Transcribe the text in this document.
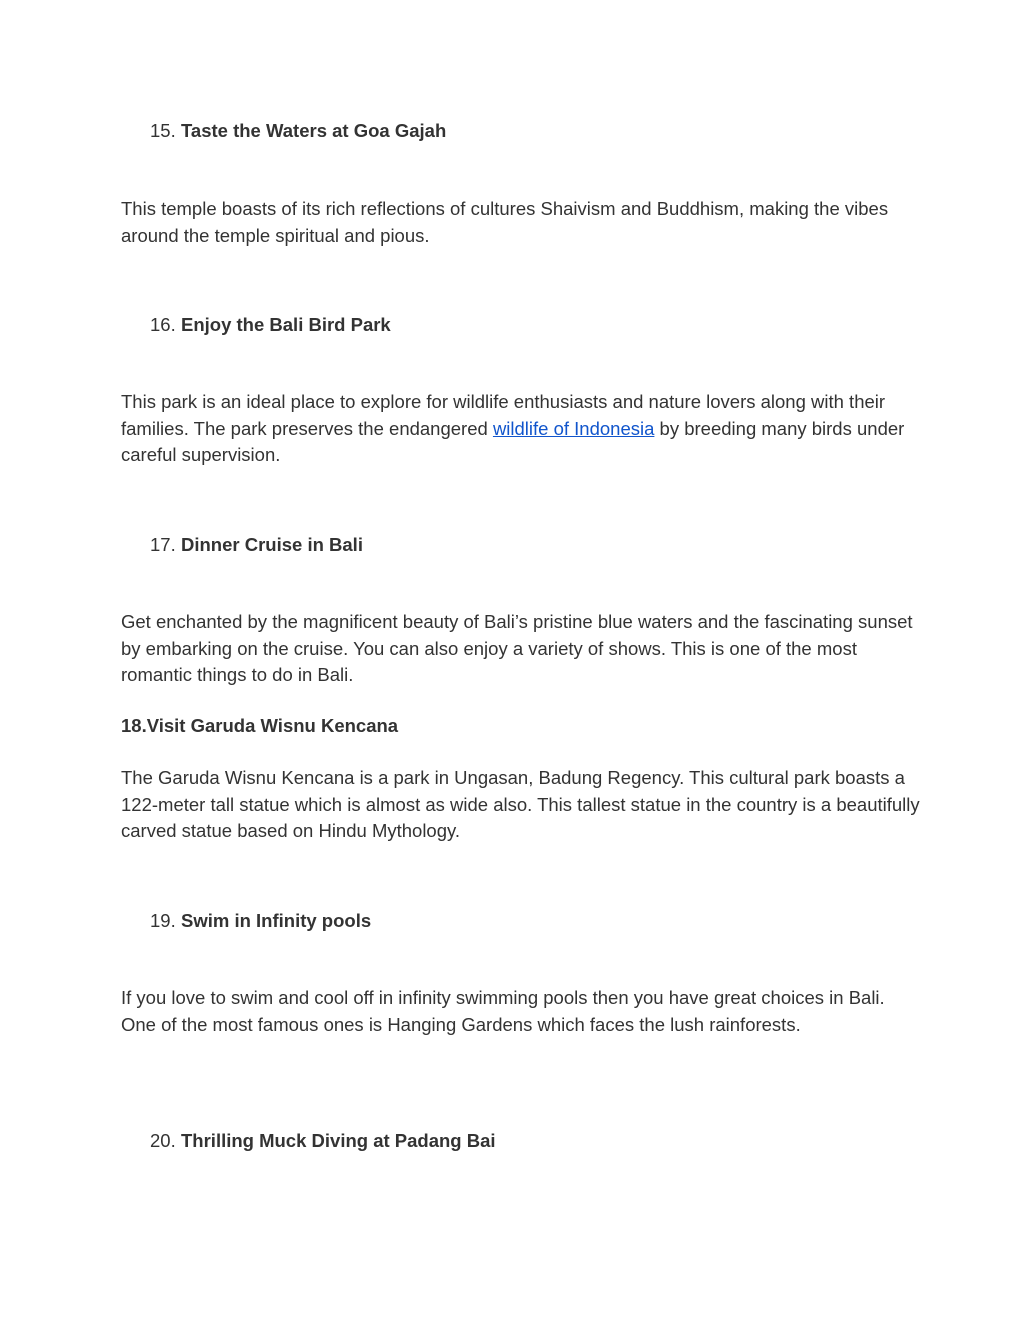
15. Taste the Waters at Goa Gajah

This temple boasts of its rich reflections of cultures Shaivism and Buddhism, making the vibes around the temple spiritual and pious.

16. Enjoy the Bali Bird Park

This park is an ideal place to explore for wildlife enthusiasts and nature lovers along with their families. The park preserves the endangered wildlife of Indonesia by breeding many birds under careful supervision.

17. Dinner Cruise in Bali

Get enchanted by the magnificent beauty of Bali’s pristine blue waters and the fascinating sunset by embarking on the cruise. You can also enjoy a variety of shows. This is one of the most romantic things to do in Bali.

18.Visit Garuda Wisnu Kencana

The Garuda Wisnu Kencana is a park in Ungasan, Badung Regency. This cultural park boasts a 122-meter tall statue which is almost as wide also. This tallest statue in the country is a beautifully carved statue based on Hindu Mythology.

19. Swim in Infinity pools

If you love to swim and cool off in infinity swimming pools then you have great choices in Bali. One of the most famous ones is Hanging Gardens which faces the lush rainforests.

20. Thrilling Muck Diving at Padang Bai
